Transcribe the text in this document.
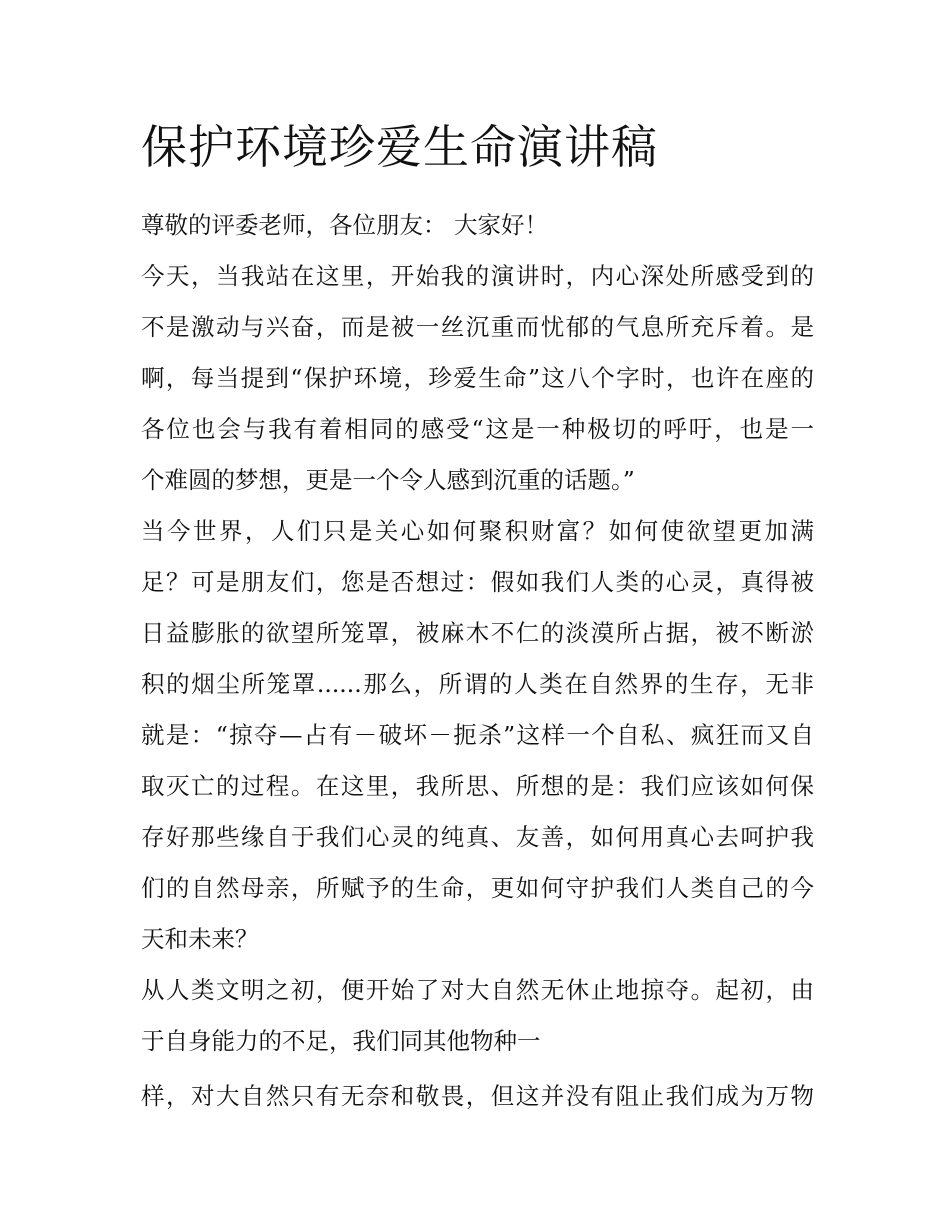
保护环境珍爱生命演讲稿
尊敬的评委老师，各位朋友： 大家好！
今天，当我站在这里，开始我的演讲时，内心深处所感受到的
不是激动与兴奋，而是被一丝沉重而忧郁的气息所充斥着。是
啊，每当提到“保护环境，珍爱生命”这八个字时，也许在座的
各位也会与我有着相同的感受“这是一种极切的呼吁，也是一
个难圆的梦想，更是一个令人感到沉重的话题。”
当今世界，人们只是关心如何聚积财富？如何使欲望更加满
足？可是朋友们，您是否想过：假如我们人类的心灵，真得被
日益膨胀的欲望所笼罩，被麻木不仁的淡漠所占据，被不断淤
积的烟尘所笼罩......那么，所谓的人类在自然界的生存，无非
就是：“掠夺—占有－破坏－扼杀”这样一个自私、疯狂而又自
取灭亡的过程。在这里，我所思、所想的是：我们应该如何保
存好那些缘自于我们心灵的纯真、友善，如何用真心去呵护我
们的自然母亲，所赋予的生命，更如何守护我们人类自己的今
天和未来？
从人类文明之初，便开始了对大自然无休止地掠夺。起初，由
于自身能力的不足，我们同其他物种一
样，对大自然只有无奈和敬畏，但这并没有阻止我们成为万物
